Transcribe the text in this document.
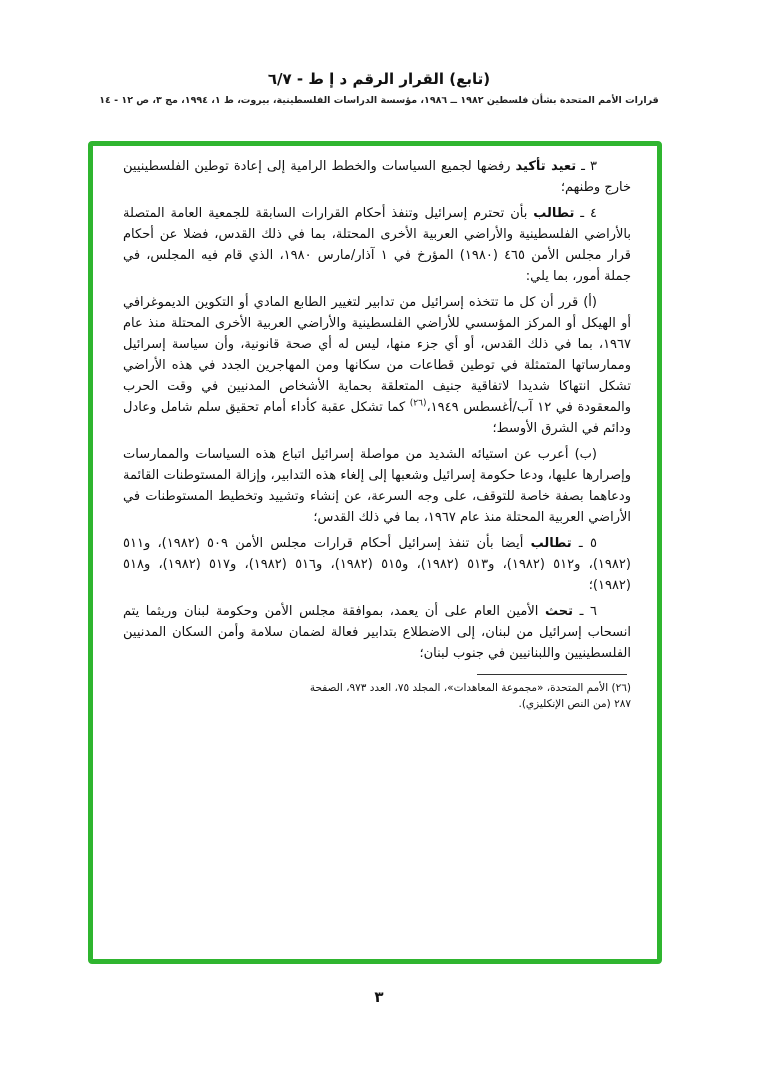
(تابع) القرار الرقم د إ ط - ٦/٧
قرارات الأمم المتحدة بشأن فلسطين ١٩٨٢ ــ ١٩٨٦، مؤسسة الدراسات الفلسطينية، بيروت، ط ١، ١٩٩٤، مج ٣، ص ١٢ - ١٤

٣ ـ تعيد تأكيد رفضها لجميع السياسات والخطط الرامية إلى إعادة توطين الفلسطينيين خارج وطنهم؛

٤ ـ تطالب بأن تحترم إسرائيل وتنفذ أحكام القرارات السابقة للجمعية العامة المتصلة بالأراضي الفلسطينية والأراضي العربية الأخرى المحتلة، بما في ذلك القدس، فضلا عن أحكام قرار مجلس الأمن ٤٦٥ (١٩٨٠) المؤرخ في ١ آذار/مارس ١٩٨٠، الذي قام فيه المجلس، في جملة أمور، بما يلي:

(أ) قرر أن كل ما تتخذه إسرائيل من تدابير لتغيير الطابع المادي أو التكوين الديموغرافي أو الهيكل أو المركز المؤسسي للأراضي الفلسطينية والأراضي العربية الأخرى المحتلة منذ عام ١٩٦٧، بما في ذلك القدس، أو أي جزء منها، ليس له أي صحة قانونية، وأن سياسة إسرائيل وممارساتها المتمثلة في توطين قطاعات من سكانها ومن المهاجرين الجدد في هذه الأراضي تشكل انتهاكا شديدا لاتفاقية جنيف المتعلقة بحماية الأشخاص المدنيين في وقت الحرب والمعقودة في ١٢ آب/أغسطس ١٩٤٩،$^{(٢٦)}$ كما تشكل عقبة كأداء أمام تحقيق سلم شامل وعادل ودائم في الشرق الأوسط؛

(ب) أعرب عن استيائه الشديد من مواصلة إسرائيل اتباع هذه السياسات والممارسات وإصرارها عليها، ودعا حكومة إسرائيل وشعبها إلى إلغاء هذه التدابير، وإزالة المستوطنات القائمة ودعاهما بصفة خاصة للتوقف، على وجه السرعة، عن إنشاء وتشييد وتخطيط المستوطنات في الأراضي العربية المحتلة منذ عام ١٩٦٧، بما في ذلك القدس؛

٥ ـ تطالب أيضا بأن تنفذ إسرائيل أحكام قرارات مجلس الأمن ٥٠٩ (١٩٨٢)، و٥١١ (١٩٨٢)، و٥١٢ (١٩٨٢)، و٥١٣ (١٩٨٢)، و٥١٥ (١٩٨٢)، و٥١٦ (١٩٨٢)، و٥١٧ (١٩٨٢)، و٥١٨ (١٩٨٢)؛

٦ ـ تحث الأمين العام على أن يعمد، بموافقة مجلس الأمن وحكومة لبنان وريثما يتم انسحاب إسرائيل من لبنان، إلى الاضطلاع بتدابير فعالة لضمان سلامة وأمن السكان المدنيين الفلسطينيين واللبنانيين في جنوب لبنان؛

(٢٦) الأمم المتحدة، «مجموعة المعاهدات»، المجلد ٧٥، العدد ٩٧٣، الصفحة
٢٨٧ (من النص الإنكليزي).
٣
